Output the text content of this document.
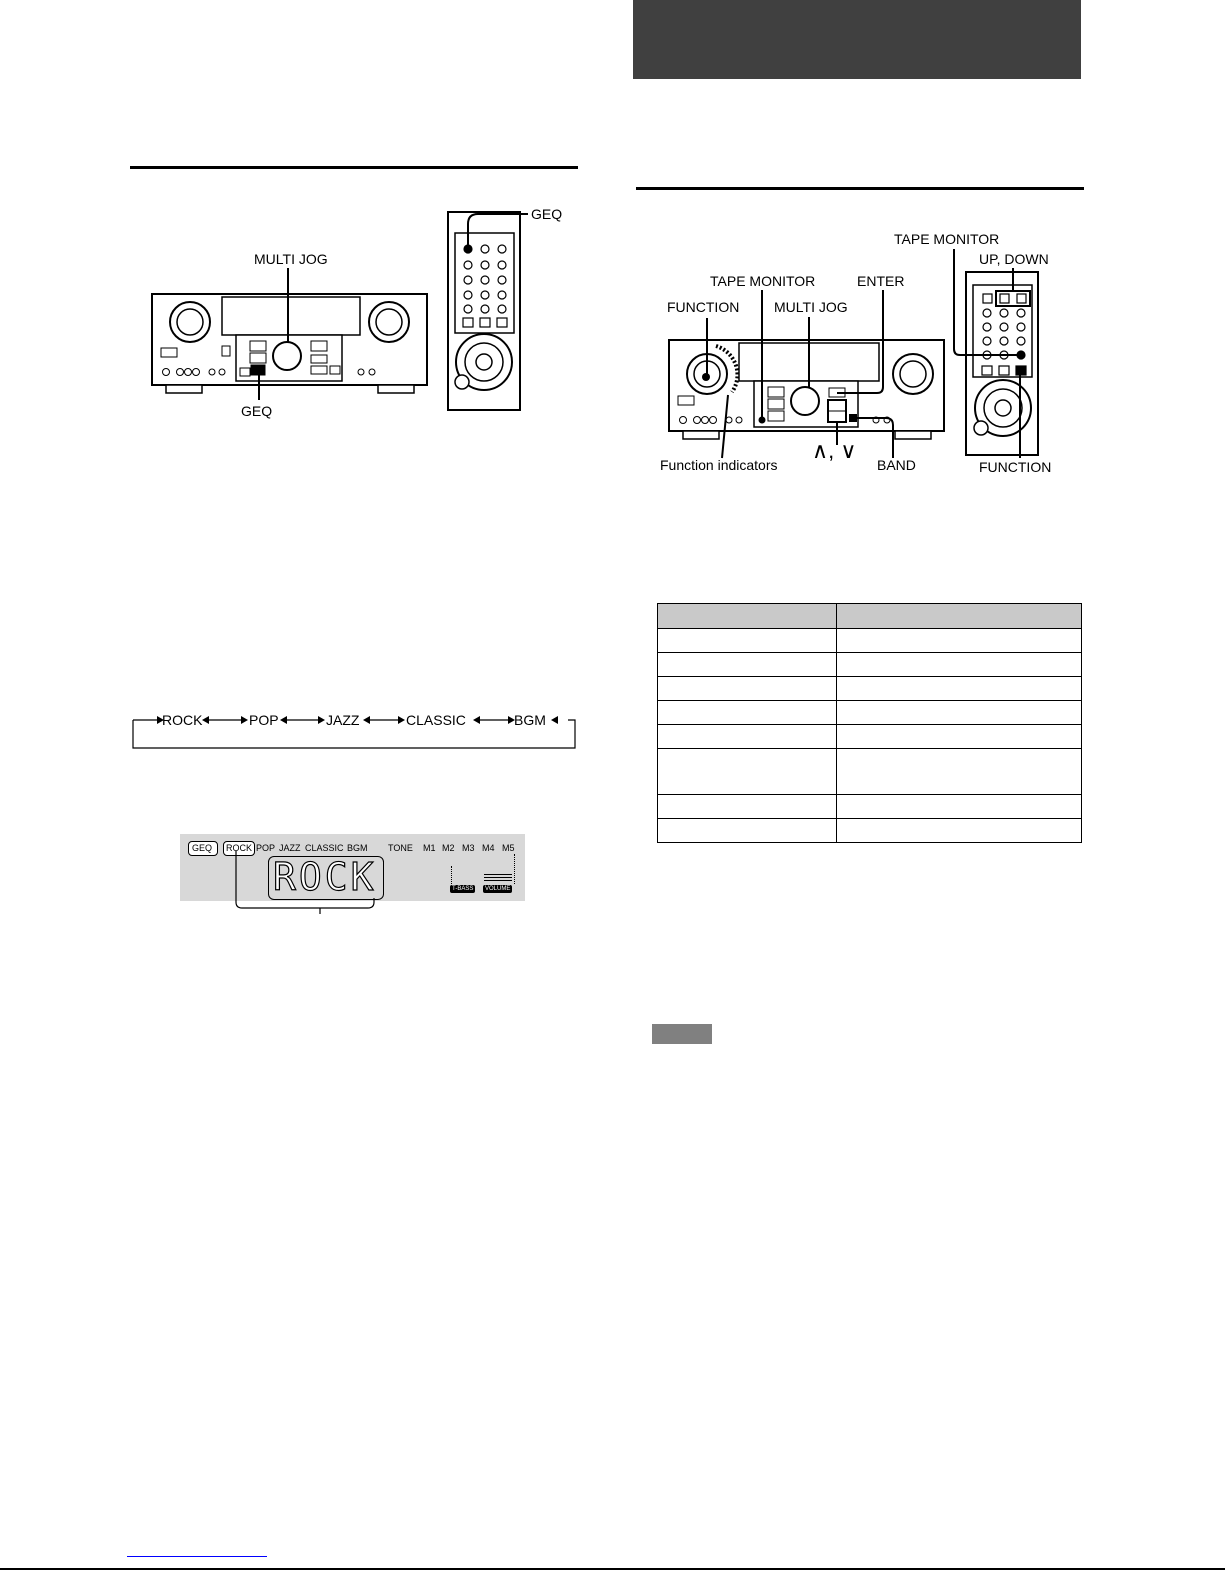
GEQ
MULTI JOG
GEQ
ROCK	POP	JAZZ	CLASSIC	BGM
GEQ ROCK POP JAZZ CLASSIC BGM TONE M1 M2 M3 M4 M5
ROCK	T-BASS	VOLUME
TAPE MONITOR
UP, DOWN
TAPE MONITOR	ENTER
FUNCTION MULTI JOG
Function indicators
∧, ∨
BAND	FUNCTION
